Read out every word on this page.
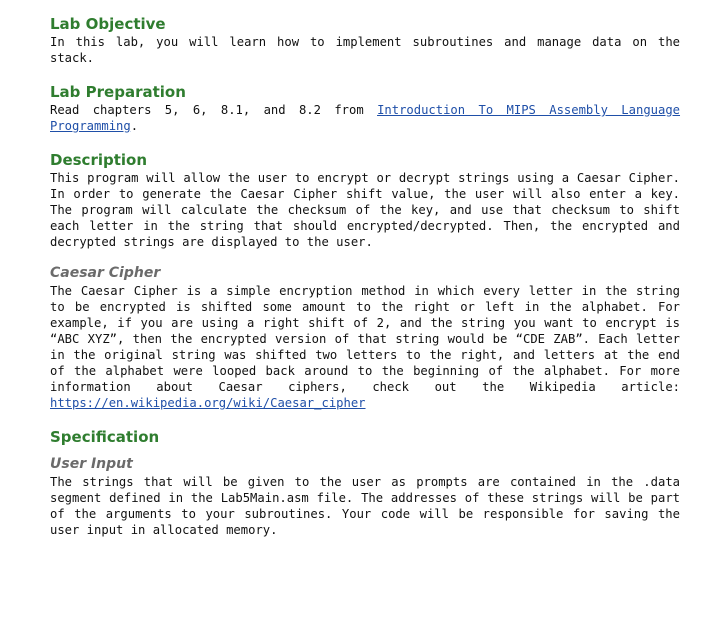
Lab Objective

In this lab, you will learn how to implement subroutines and manage data on the stack.

Lab Preparation

Read chapters 5, 6, 8.1, and 8.2 from Introduction To MIPS Assembly Language Programming.

Description

This program will allow the user to encrypt or decrypt strings using a Caesar Cipher. In order to generate the Caesar Cipher shift value, the user will also enter a key. The program will calculate the checksum of the key, and use that checksum to shift each letter in the string that should encrypted/decrypted. Then, the encrypted and decrypted strings are displayed to the user.

Caesar Cipher

The Caesar Cipher is a simple encryption method in which every letter in the string to be encrypted is shifted some amount to the right or left in the alphabet. For example, if you are using a right shift of 2, and the string you want to encrypt is “ABC XYZ”, then the encrypted version of that string would be “CDE ZAB”. Each letter in the original string was shifted two letters to the right, and letters at the end of the alphabet were looped back around to the beginning of the alphabet. For more information about Caesar ciphers, check out the Wikipedia article: https://en.wikipedia.org/wiki/Caesar_cipher

Specification
User Input

The strings that will be given to the user as prompts are contained in the .data segment defined in the Lab5Main.asm file. The addresses of these strings will be part of the arguments to your subroutines. Your code will be responsible for saving the user input in allocated memory.
